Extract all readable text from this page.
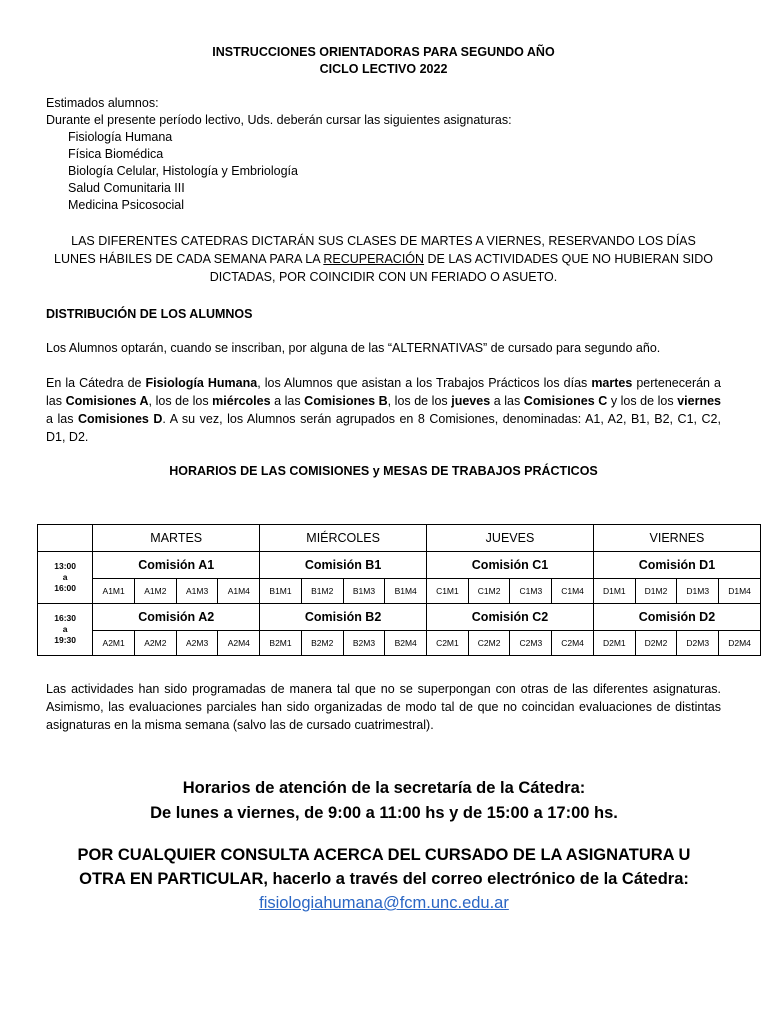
INSTRUCCIONES ORIENTADORAS PARA SEGUNDO AÑO
CICLO LECTIVO 2022
Estimados alumnos:
Durante el presente período lectivo, Uds. deberán cursar las siguientes asignaturas:
Fisiología Humana
Física Biomédica
Biología Celular, Histología y Embriología
Salud Comunitaria III
Medicina Psicosocial
LAS DIFERENTES CATEDRAS DICTARÁN SUS CLASES DE MARTES A VIERNES, RESERVANDO LOS DÍAS LUNES HÁBILES DE CADA SEMANA PARA LA RECUPERACIÓN DE LAS ACTIVIDADES QUE NO HUBIERAN SIDO DICTADAS, POR COINCIDIR CON UN FERIADO O ASUETO.
DISTRIBUCIÓN DE LOS ALUMNOS
Los Alumnos optarán, cuando se inscriban, por alguna de las “ALTERNATIVAS” de cursado para segundo año.
En la Cátedra de Fisiología Humana, los Alumnos que asistan a los Trabajos Prácticos los días martes pertenecerán a las Comisiones A, los de los miércoles a las Comisiones B, los de los jueves a las Comisiones C y los de los viernes a las Comisiones D. A su vez, los Alumnos serán agrupados en 8 Comisiones, denominadas: A1, A2, B1, B2, C1, C2, D1, D2.
HORARIOS DE LAS COMISIONES y MESAS DE TRABAJOS PRÁCTICOS
	MARTES				MIÉRCOLES				JUEVES				VIERNES			

13:00
a
16:00	Comisión A1				Comisión B1				Comisión C1				Comisión D1			
	A1M1	A1M2	A1M3	A1M4	B1M1	B1M2	B1M3	B1M4	C1M1	C1M2	C1M3	C1M4	D1M1	D1M2	D1M3	D1M4

16:30
a
19:30	Comisión A2				Comisión B2				Comisión C2				Comisión D2			
	A2M1	A2M2	A2M3	A2M4	B2M1	B2M2	B2M3	B2M4	C2M1	C2M2	C2M3	C2M4	D2M1	D2M2	D2M3	D2M4
Las actividades han sido programadas de manera tal que no se superpongan con otras de las diferentes asignaturas. Asimismo, las evaluaciones parciales han sido organizadas de modo tal de que no coincidan evaluaciones de distintas asignaturas en la misma semana (salvo las de cursado cuatrimestral).
Horarios de atención de la secretaría de la Cátedra:
De lunes a viernes, de 9:00 a 11:00 hs y de 15:00 a 17:00 hs.
POR CUALQUIER CONSULTA ACERCA DEL CURSADO DE LA ASIGNATURA U
OTRA EN PARTICULAR, hacerlo a través del correo electrónico de la Cátedra:
fisiologiahumana@fcm.unc.edu.ar
